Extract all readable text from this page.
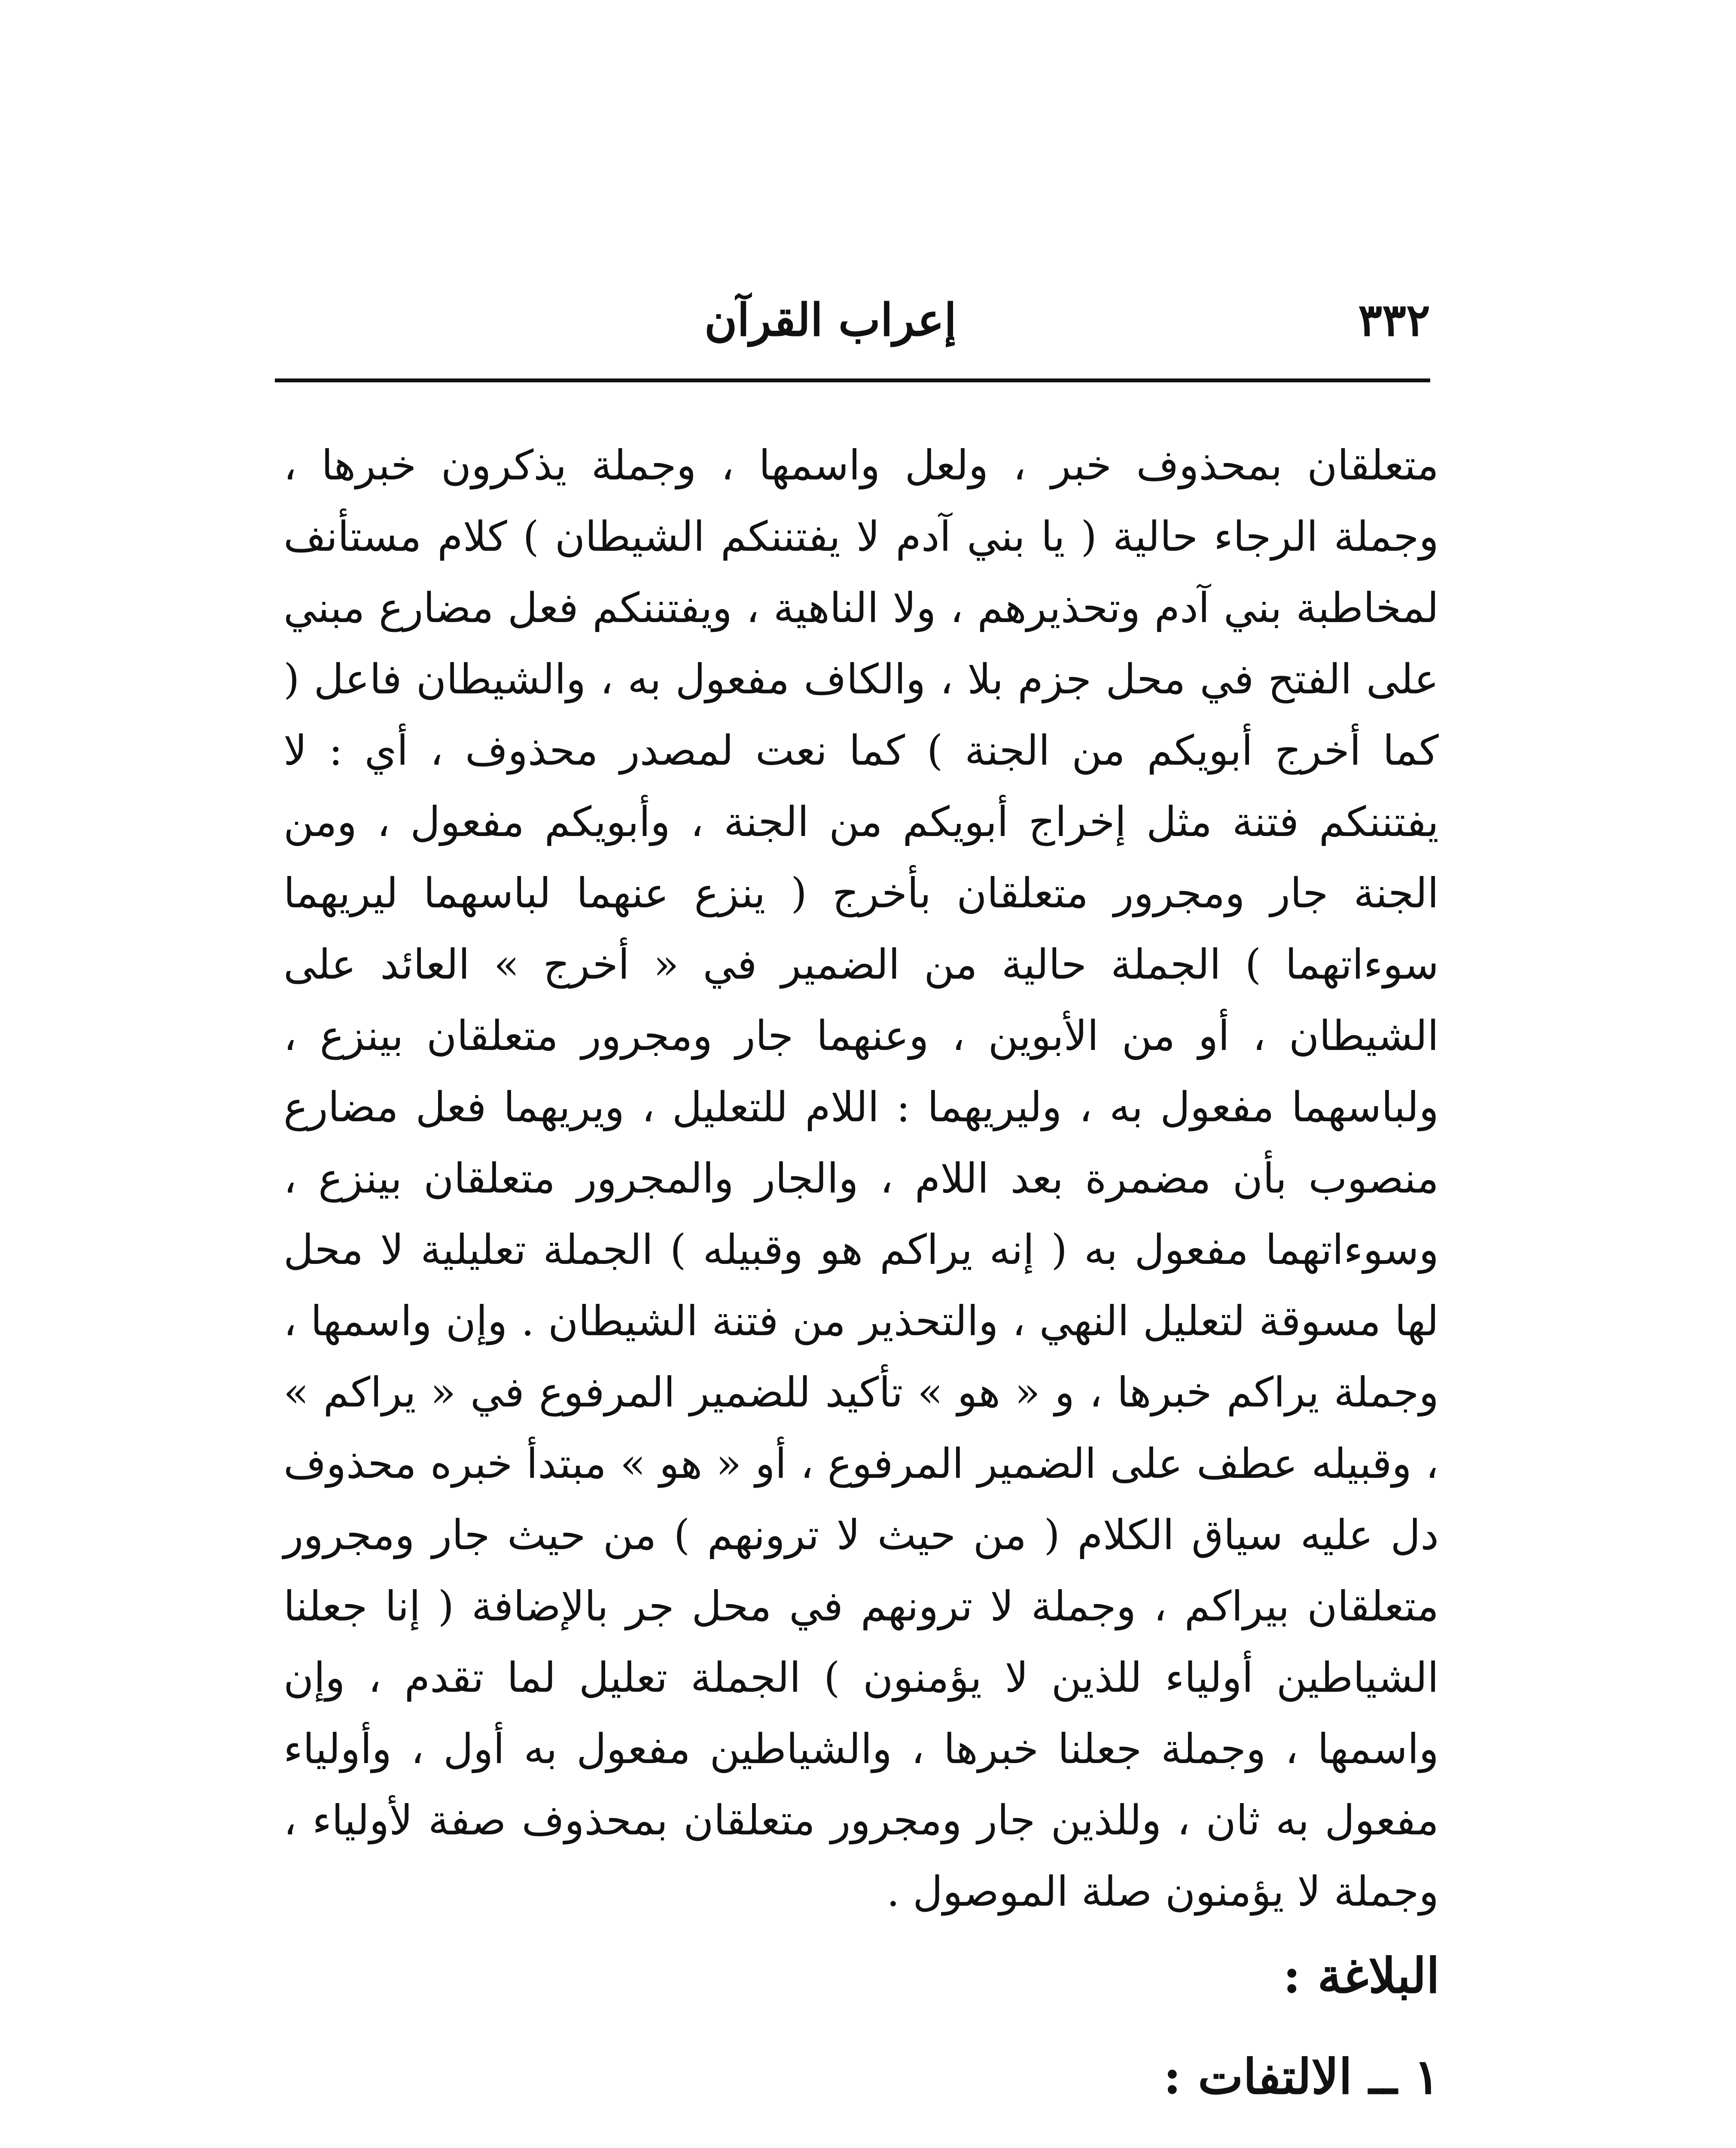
٣٣٢
إعراب القرآن

متعلقان بمحذوف خبر ، ولعل واسمها ، وجملة يذكرون خبرها ، وجملة الرجاء حالية ( يا بني آدم لا يفتننكم الشيطان ) كلام مستأنف لمخاطبة بني آدم وتحذيرهم ، ولا الناهية ، ويفتننكم فعل مضارع مبني على الفتح في محل جزم بلا ، والكاف مفعول به ، والشيطان فاعل ( كما أخرج أبويكم من الجنة ) كما نعت لمصدر محذوف ، أي : لا يفتننكم فتنة مثل إخراج أبويكم من الجنة ، وأبويكم مفعول ، ومن الجنة جار ومجرور متعلقان بأخرج ( ينزع عنهما لباسهما ليريهما سوءاتهما ) الجملة حالية من الضمير في « أخرج » العائد على الشيطان ، أو من الأبوين ، وعنهما جار ومجرور متعلقان بينزع ، ولباسهما مفعول به ، وليريهما : اللام للتعليل ، ويريهما فعل مضارع منصوب بأن مضمرة بعد اللام ، والجار والمجرور متعلقان بينزع ، وسوءاتهما مفعول به ( إنه يراكم هو وقبيله ) الجملة تعليلية لا محل لها مسوقة لتعليل النهي ، والتحذير من فتنة الشيطان . وإن واسمها ، وجملة يراكم خبرها ، و « هو » تأكيد للضمير المرفوع في « يراكم » ، وقبيله عطف على الضمير المرفوع ، أو « هو » مبتدأ خبره محذوف دل عليه سياق الكلام ( من حيث لا ترونهم ) من حيث جار ومجرور متعلقان بيراكم ، وجملة لا ترونهم في محل جر بالإضافة ( إنا جعلنا الشياطين أولياء للذين لا يؤمنون ) الجملة تعليل لما تقدم ، وإن واسمها ، وجملة جعلنا خبرها ، والشياطين مفعول به أول ، وأولياء مفعول به ثان ، وللذين جار ومجرور متعلقان بمحذوف صفة لأولياء ، وجملة لا يؤمنون صلة الموصول .

البلاغة :
١ ــ الالتفات :
